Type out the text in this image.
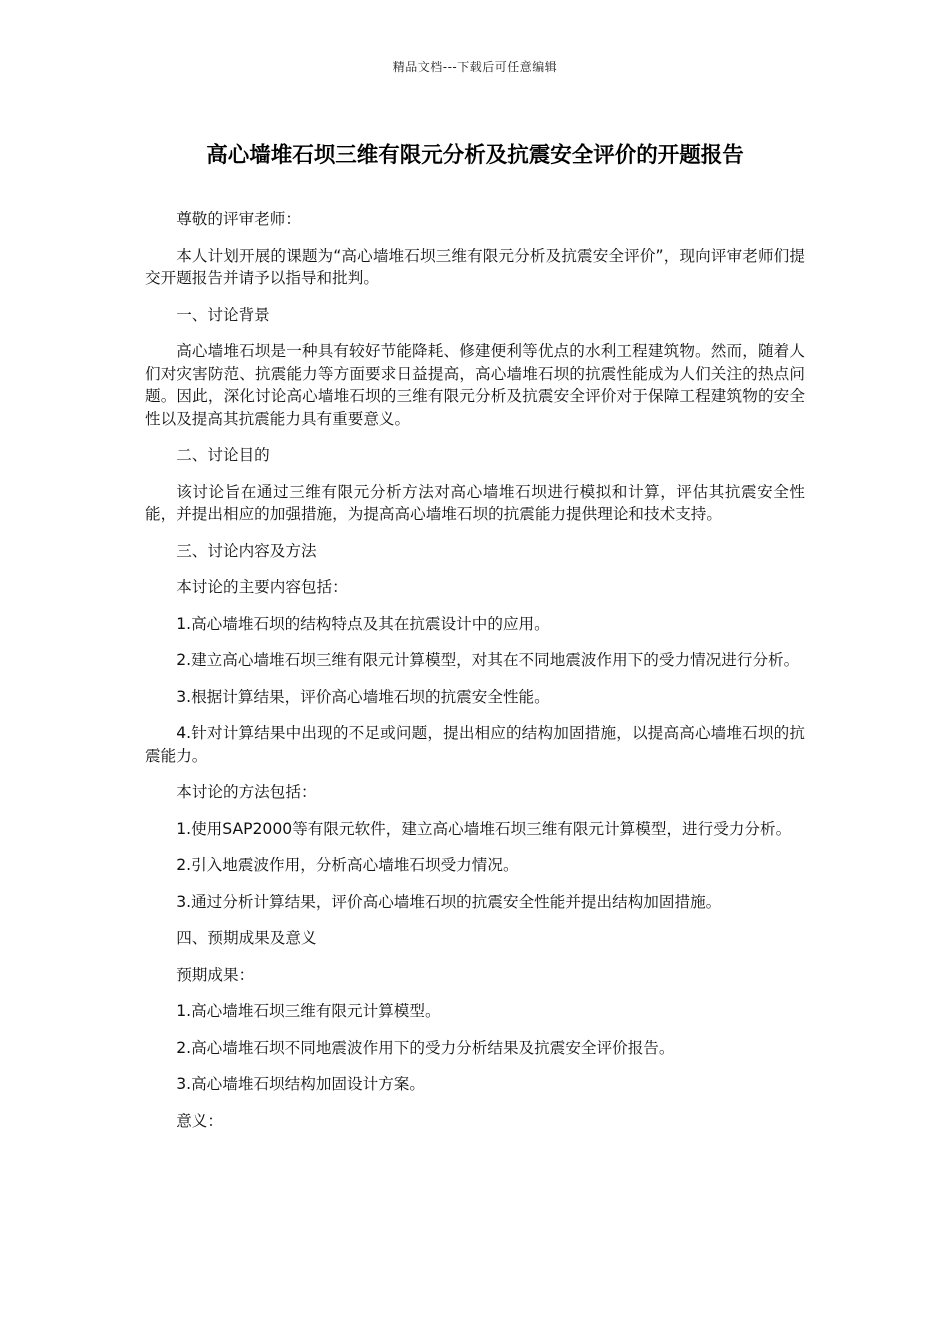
精品文档---下载后可任意编辑
高心墙堆石坝三维有限元分析及抗震安全评价的开题报告

尊敬的评审老师：

本人计划开展的课题为“高心墙堆石坝三维有限元分析及抗震安全评价”，现向评审老师们提交开题报告并请予以指导和批判。

一、讨论背景

高心墙堆石坝是一种具有较好节能降耗、修建便利等优点的水利工程建筑物。然而，随着人们对灾害防范、抗震能力等方面要求日益提高，高心墙堆石坝的抗震性能成为人们关注的热点问题。因此，深化讨论高心墙堆石坝的三维有限元分析及抗震安全评价对于保障工程建筑物的安全性以及提高其抗震能力具有重要意义。

二、讨论目的

该讨论旨在通过三维有限元分析方法对高心墙堆石坝进行模拟和计算，评估其抗震安全性能，并提出相应的加强措施，为提高高心墙堆石坝的抗震能力提供理论和技术支持。

三、讨论内容及方法

本讨论的主要内容包括：

1.高心墙堆石坝的结构特点及其在抗震设计中的应用。

2.建立高心墙堆石坝三维有限元计算模型，对其在不同地震波作用下的受力情况进行分析。

3.根据计算结果，评价高心墙堆石坝的抗震安全性能。

4.针对计算结果中出现的不足或问题，提出相应的结构加固措施，以提高高心墙堆石坝的抗震能力。

本讨论的方法包括：

1.使用SAP2000等有限元软件，建立高心墙堆石坝三维有限元计算模型，进行受力分析。

2.引入地震波作用，分析高心墙堆石坝受力情况。

3.通过分析计算结果，评价高心墙堆石坝的抗震安全性能并提出结构加固措施。

四、预期成果及意义

预期成果：

1.高心墙堆石坝三维有限元计算模型。

2.高心墙堆石坝不同地震波作用下的受力分析结果及抗震安全评价报告。

3.高心墙堆石坝结构加固设计方案。

意义：
